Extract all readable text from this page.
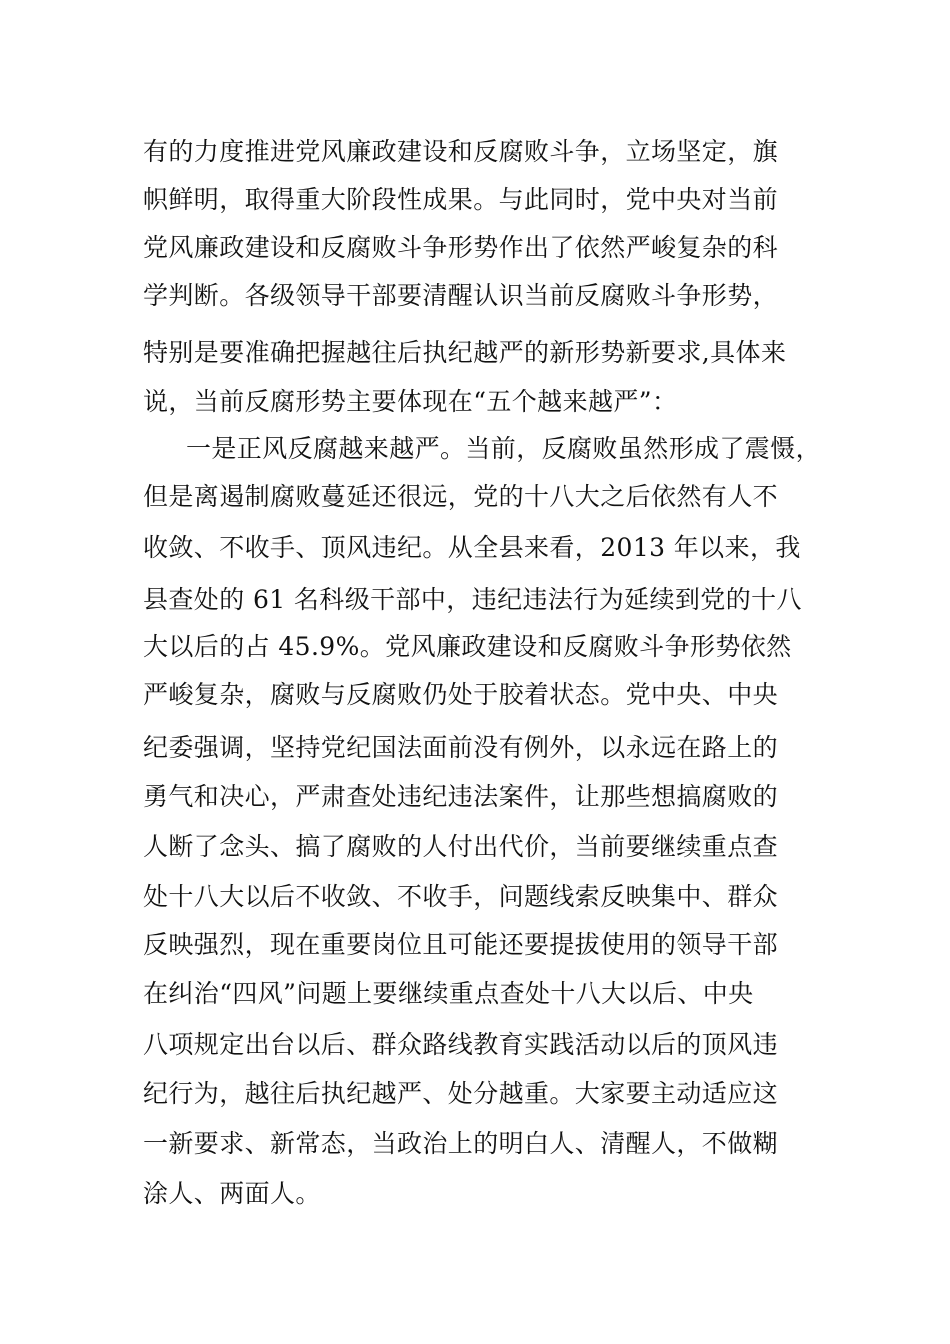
有的力度推进党风廉政建设和反腐败斗争，立场坚定，旗
帜鲜明，取得重大阶段性成果。与此同时，党中央对当前
党风廉政建设和反腐败斗争形势作出了依然严峻复杂的科
学判断。各级领导干部要清醒认识当前反腐败斗争形势，
特别是要准确把握越往后执纪越严的新形势新要求,具体来
说，当前反腐形势主要体现在“五个越来越严”：
一是正风反腐越来越严。当前，反腐败虽然形成了震慑，
但是离遏制腐败蔓延还很远，党的十八大之后依然有人不
收敛、不收手、顶风违纪。从全县来看，2013 年以来，我
县查处的 61 名科级干部中，违纪违法行为延续到党的十八
大以后的占 45.9%。党风廉政建设和反腐败斗争形势依然
严峻复杂，腐败与反腐败仍处于胶着状态。党中央、中央
纪委强调，坚持党纪国法面前没有例外，以永远在路上的
勇气和决心，严肃查处违纪违法案件，让那些想搞腐败的
人断了念头、搞了腐败的人付出代价，当前要继续重点查
处十八大以后不收敛、不收手，问题线索反映集中、群众
反映强烈，现在重要岗位且可能还要提拔使用的领导干部
在纠治“四风”问题上要继续重点查处十八大以后、中央
八项规定出台以后、群众路线教育实践活动以后的顶风违
纪行为，越往后执纪越严、处分越重。大家要主动适应这
一新要求、新常态，当政治上的明白人、清醒人，不做糊
涂人、两面人。
